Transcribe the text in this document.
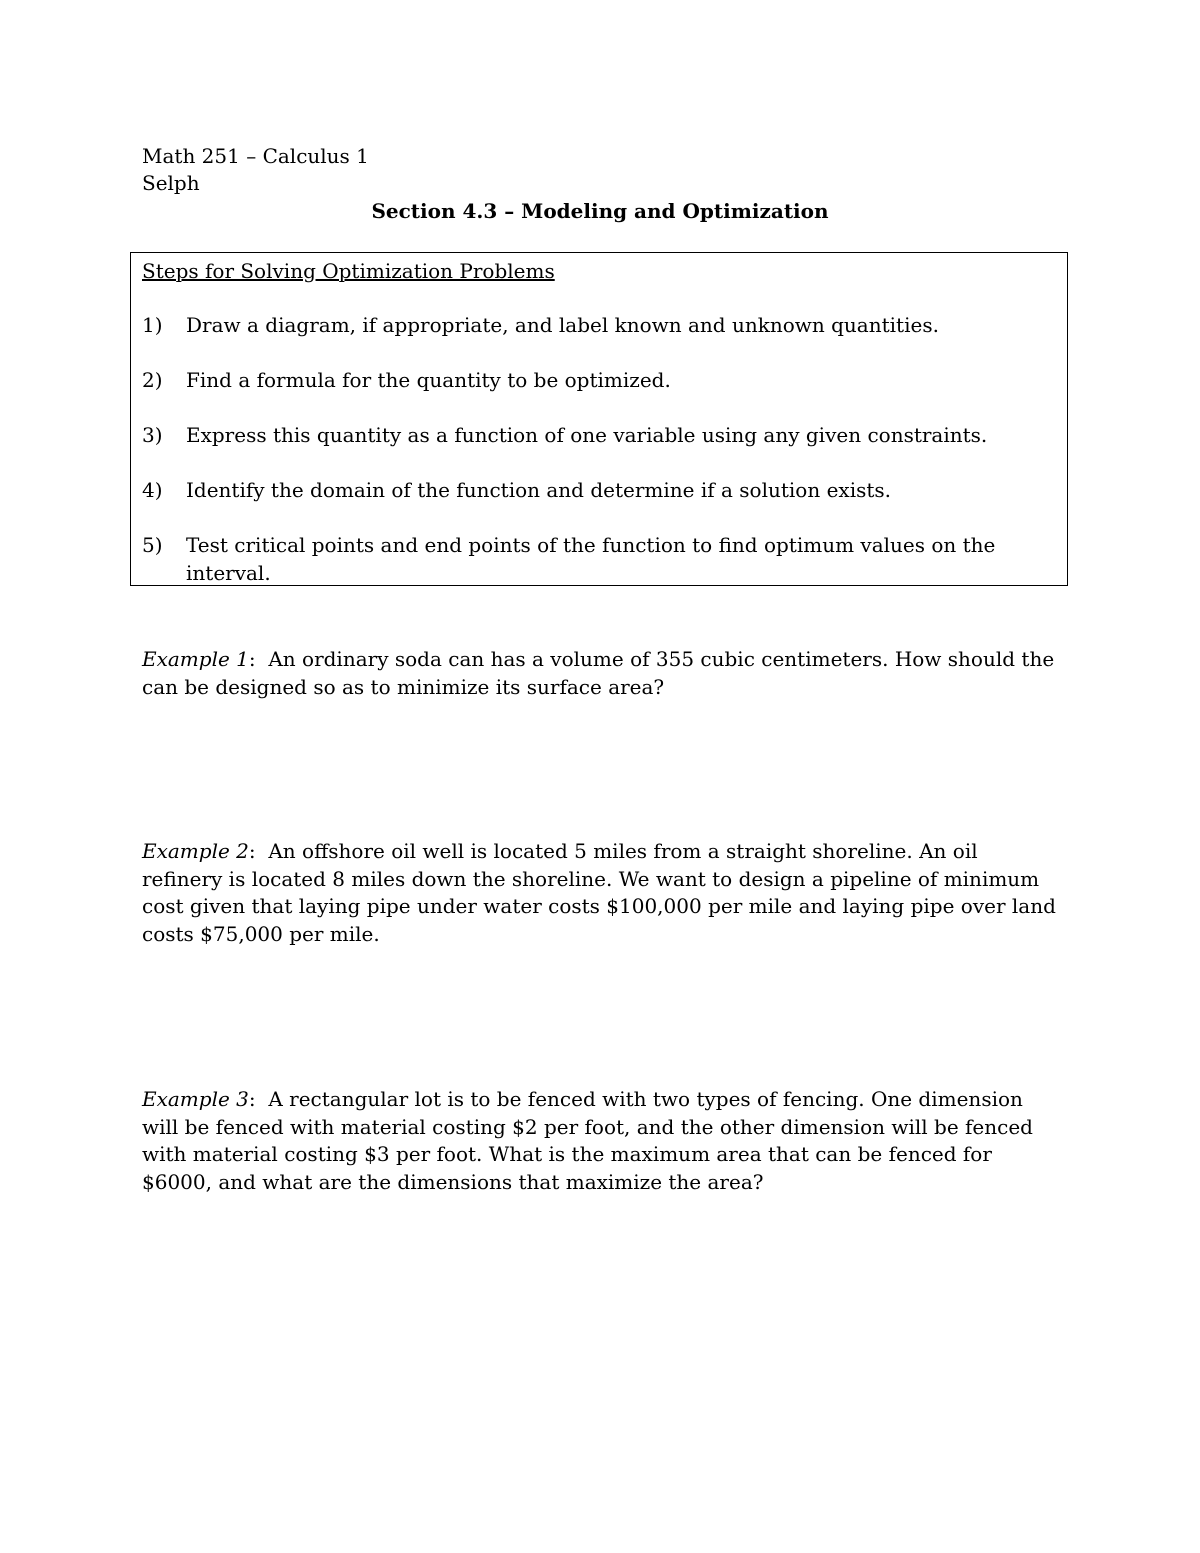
Math 251 – Calculus 1
Selph
Section 4.3 – Modeling and Optimization
Steps for Solving Optimization Problems
1)	Draw a diagram, if appropriate, and label known and unknown quantities.
2)	Find a formula for the quantity to be optimized.
3)	Express this quantity as a function of one variable using any given constraints.
4)	Identify the domain of the function and determine if a solution exists.
5)	Test critical points and end points of the function to find optimum values on the interval.
Example 1:  An ordinary soda can has a volume of 355 cubic centimeters. How should the can be designed so as to minimize its surface area?
Example 2:  An offshore oil well is located 5 miles from a straight shoreline. An oil refinery is located 8 miles down the shoreline. We want to design a pipeline of minimum cost given that laying pipe under water costs $100,000 per mile and laying pipe over land costs $75,000 per mile.
Example 3:  A rectangular lot is to be fenced with two types of fencing. One dimension will be fenced with material costing $2 per foot, and the other dimension will be fenced with material costing $3 per foot. What is the maximum area that can be fenced for $6000, and what are the dimensions that maximize the area?
